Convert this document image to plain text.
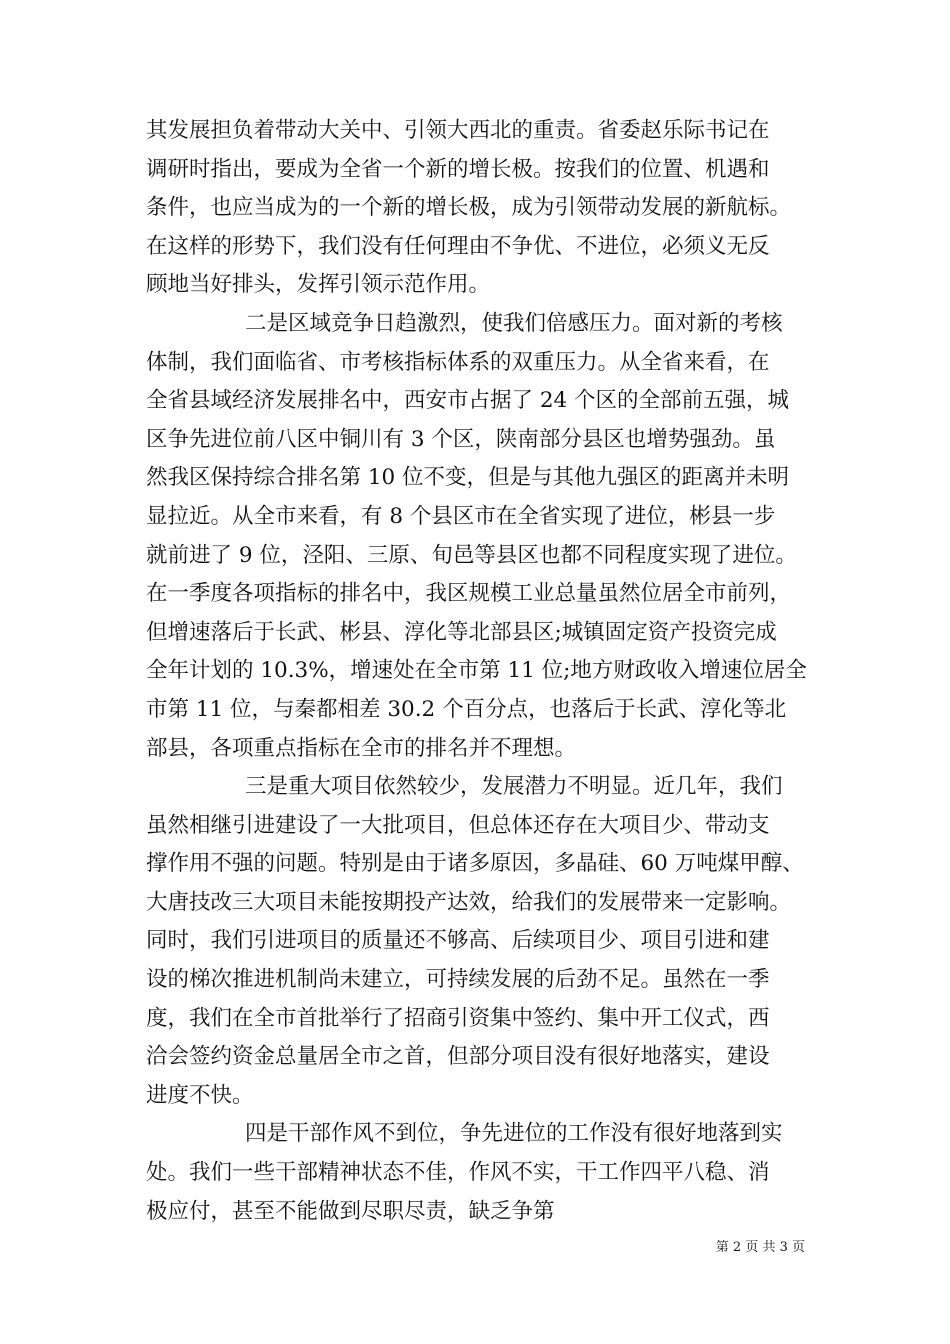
其发展担负着带动大关中、引领大西北的重责。省委赵乐际书记在
调研时指出，要成为全省一个新的增长极。按我们的位置、机遇和
条件，也应当成为的一个新的增长极，成为引领带动发展的新航标。
在这样的形势下，我们没有任何理由不争优、不进位，必须义无反
顾地当好排头，发挥引领示范作用。
二是区域竞争日趋激烈，使我们倍感压力。面对新的考核
体制，我们面临省、市考核指标体系的双重压力。从全省来看，在
全省县域经济发展排名中，西安市占据了 24 个区的全部前五强，城
区争先进位前八区中铜川有 3 个区，陕南部分县区也增势强劲。虽
然我区保持综合排名第 10 位不变，但是与其他九强区的距离并未明
显拉近。从全市来看，有 8 个县区市在全省实现了进位，彬县一步
就前进了 9 位，泾阳、三原、旬邑等县区也都不同程度实现了进位。
在一季度各项指标的排名中，我区规模工业总量虽然位居全市前列，
但增速落后于长武、彬县、淳化等北部县区;城镇固定资产投资完成
全年计划的 10.3%，增速处在全市第 11 位;地方财政收入增速位居全
市第 11 位，与秦都相差 30.2 个百分点，也落后于长武、淳化等北
部县，各项重点指标在全市的排名并不理想。
三是重大项目依然较少，发展潜力不明显。近几年，我们
虽然相继引进建设了一大批项目，但总体还存在大项目少、带动支
撑作用不强的问题。特别是由于诸多原因，多晶硅、60 万吨煤甲醇、
大唐技改三大项目未能按期投产达效，给我们的发展带来一定影响。
同时，我们引进项目的质量还不够高、后续项目少、项目引进和建
设的梯次推进机制尚未建立，可持续发展的后劲不足。虽然在一季
度，我们在全市首批举行了招商引资集中签约、集中开工仪式，西
洽会签约资金总量居全市之首，但部分项目没有很好地落实，建设
进度不快。
四是干部作风不到位，争先进位的工作没有很好地落到实
处。我们一些干部精神状态不佳，作风不实，干工作四平八稳、消
极应付，甚至不能做到尽职尽责，缺乏争第
第 2 页 共 3 页
